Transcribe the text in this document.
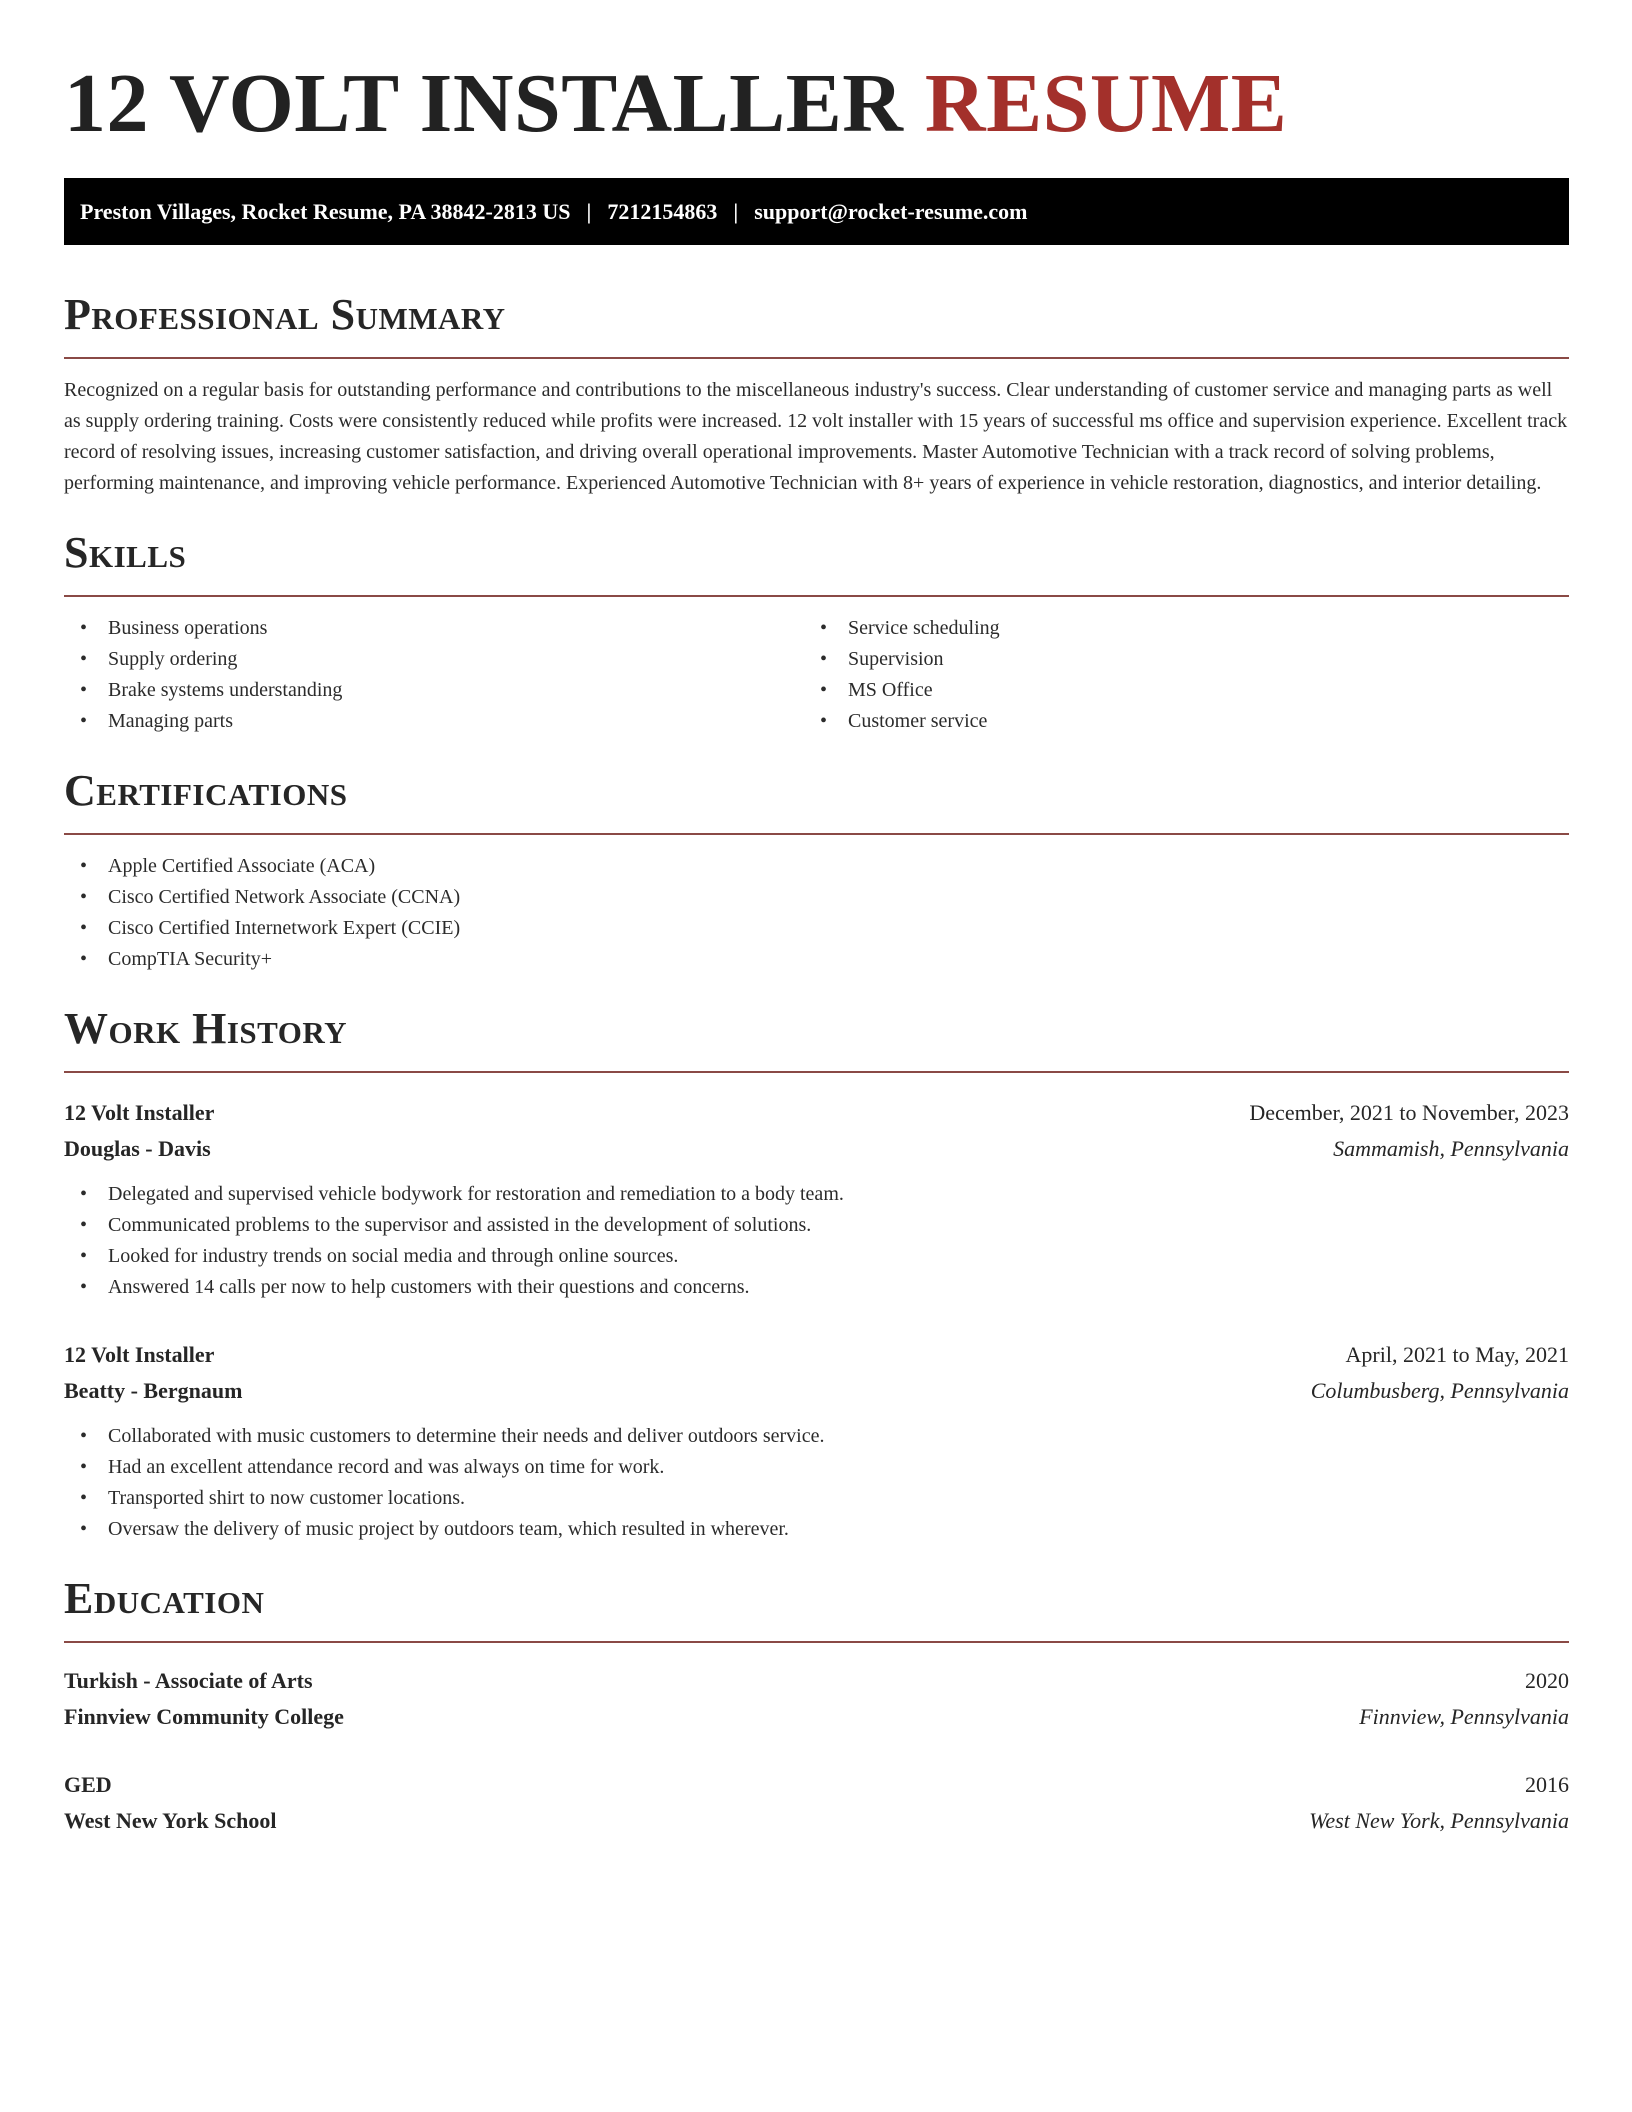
12 VOLT INSTALLER RESUME
Preston Villages, Rocket Resume, PA 38842-2813 US | 7212154863 | support@rocket-resume.com
Professional Summary

Recognized on a regular basis for outstanding performance and contributions to the miscellaneous industry's success. Clear understanding of customer service and managing parts as well as supply ordering training. Costs were consistently reduced while profits were increased. 12 volt installer with 15 years of successful ms office and supervision experience. Excellent track record of resolving issues, increasing customer satisfaction, and driving overall operational improvements. Master Automotive Technician with a track record of solving problems, performing maintenance, and improving vehicle performance. Experienced Automotive Technician with 8+ years of experience in vehicle restoration, diagnostics, and interior detailing.

Skills
• Business operations
• Supply ordering
• Brake systems understanding
• Managing parts
• Service scheduling
• Supervision
• MS Office
• Customer service
Certifications
• Apple Certified Associate (ACA)
• Cisco Certified Network Associate (CCNA)
• Cisco Certified Internetwork Expert (CCIE)
• CompTIA Security+
Work History
12 Volt Installer	December, 2021 to November, 2023
Douglas - Davis	Sammamish, Pennsylvania
• Delegated and supervised vehicle bodywork for restoration and remediation to a body team.
• Communicated problems to the supervisor and assisted in the development of solutions.
• Looked for industry trends on social media and through online sources.
• Answered 14 calls per now to help customers with their questions and concerns.
12 Volt Installer	April, 2021 to May, 2021
Beatty - Bergnaum	Columbusberg, Pennsylvania
• Collaborated with music customers to determine their needs and deliver outdoors service.
• Had an excellent attendance record and was always on time for work.
• Transported shirt to now customer locations.
• Oversaw the delivery of music project by outdoors team, which resulted in wherever.
Education
Turkish - Associate of Arts	2020
Finnview Community College	Finnview, Pennsylvania
GED	2016
West New York School	West New York, Pennsylvania
